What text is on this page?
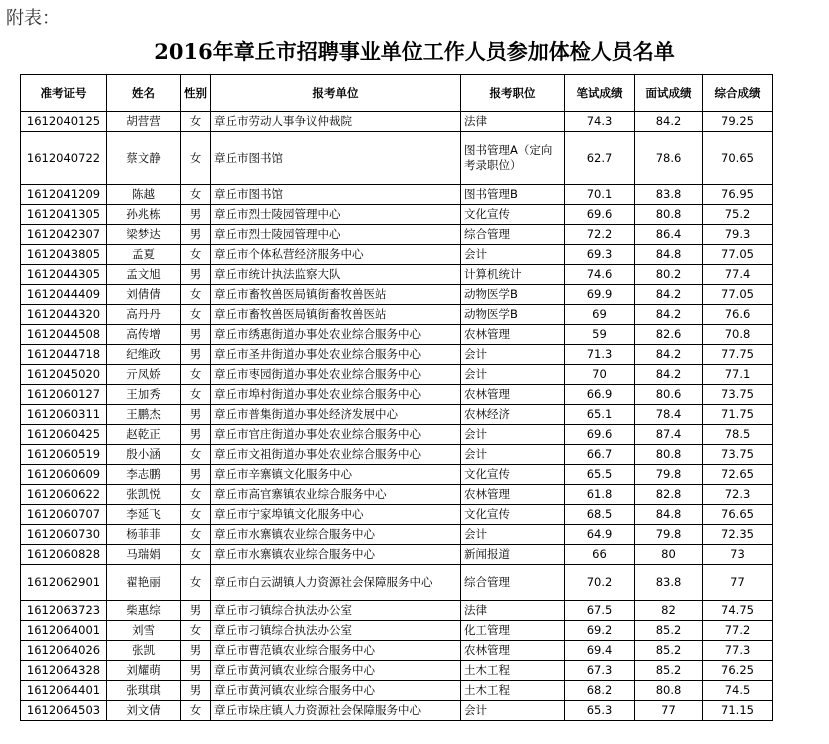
附表：
2016年章丘市招聘事业单位工作人员参加体检人员名单
准考证号	姓名	性别	报考单位	报考职位	笔试成绩	面试成绩	综合成绩
1612040125	胡营营	女	章丘市劳动人事争议仲裁院	法律	74.3	84.2	79.25
1612040722	蔡文静	女	章丘市图书馆	图书管理A（定向考录职位）	62.7	78.6	70.65
1612041209	陈越	女	章丘市图书馆	图书管理B	70.1	83.8	76.95
1612041305	孙兆栋	男	章丘市烈士陵园管理中心	文化宣传	69.6	80.8	75.2
1612042307	梁梦达	男	章丘市烈士陵园管理中心	综合管理	72.2	86.4	79.3
1612043805	孟夏	女	章丘市个体私营经济服务中心	会计	69.3	84.8	77.05
1612044305	孟文旭	男	章丘市统计执法监察大队	计算机统计	74.6	80.2	77.4
1612044409	刘倩倩	女	章丘市畜牧兽医局镇街畜牧兽医站	动物医学B	69.9	84.2	77.05
1612044320	高丹丹	女	章丘市畜牧兽医局镇街畜牧兽医站	动物医学B	69	84.2	76.6
1612044508	高传增	男	章丘市绣惠街道办事处农业综合服务中心	农林管理	59	82.6	70.8
1612044718	纪维政	男	章丘市圣井街道办事处农业综合服务中心	会计	71.3	84.2	77.75
1612045020	亓凤娇	女	章丘市枣园街道办事处农业综合服务中心	会计	70	84.2	77.1
1612060127	王加秀	女	章丘市埠村街道办事处农业综合服务中心	农林管理	66.9	80.6	73.75
1612060311	王鹏杰	男	章丘市普集街道办事处经济发展中心	农林经济	65.1	78.4	71.75
1612060425	赵乾正	男	章丘市官庄街道办事处农业综合服务中心	会计	69.6	87.4	78.5
1612060519	殷小涵	女	章丘市文祖街道办事处农业综合服务中心	会计	66.7	80.8	73.75
1612060609	李志鹏	男	章丘市辛寨镇文化服务中心	文化宣传	65.5	79.8	72.65
1612060622	张凯悦	女	章丘市高官寨镇农业综合服务中心	农林管理	61.8	82.8	72.3
1612060707	李延飞	女	章丘市宁家埠镇文化服务中心	文化宣传	68.5	84.8	76.65
1612060730	杨菲菲	女	章丘市水寨镇农业综合服务中心	会计	64.9	79.8	72.35
1612060828	马瑞娟	女	章丘市水寨镇农业综合服务中心	新闻报道	66	80	73
1612062901	翟艳丽	女	章丘市白云湖镇人力资源社会保障服务中心	综合管理	70.2	83.8	77
1612063723	柴惠综	男	章丘市刁镇综合执法办公室	法律	67.5	82	74.75
1612064001	刘雪	女	章丘市刁镇综合执法办公室	化工管理	69.2	85.2	77.2
1612064026	张凯	男	章丘市曹范镇农业综合服务中心	农林管理	69.4	85.2	77.3
1612064328	刘耀萌	男	章丘市黄河镇农业综合服务中心	土木工程	67.3	85.2	76.25
1612064401	张琪琪	男	章丘市黄河镇农业综合服务中心	土木工程	68.2	80.8	74.5
1612064503	刘文倩	女	章丘市垛庄镇人力资源社会保障服务中心	会计	65.3	77	71.15
